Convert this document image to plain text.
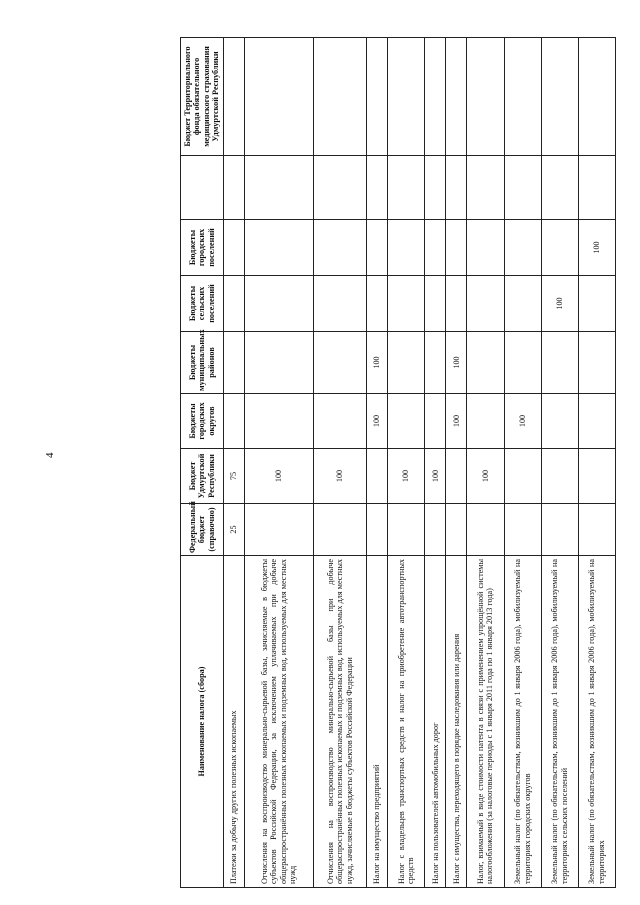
4
Наименование налога (сбора)	Федеральный бюджет (справочно)	Бюджет Удмуртской Республики	Бюджеты городских округов	Бюджеты муниципальных районов	Бюджеты сельских поселений	Бюджеты городских поселений		Бюджет Территориального фонда обязательного медицинского страхования Удмуртской Республики
Платежи за добычу других полезных ископаемых	25	75						
Отчисления на воспроизводство минерально-сырьевой базы, зачисляемые в бюджеты субъектов Российской Федерации, за исключением уплачиваемых при добыче общераспространённых полезных ископаемых и подземных вод, используемых для местных нужд		100						
Отчисления на воспроизводство минерально-сырьевой базы при добыче общераспространённых полезных ископаемых и подземных вод, используемых для местных нужд, зачисляемые в бюджеты субъектов Российской Федерации		100						
Налог на имущество предприятий			100	100				
Налог с владельцев транспортных средств и налог на приобретение автотранспортных средств		100						
Налог на пользователей автомобильных дорог		100						
Налог с имущества, переходящего в порядке наследования или дарения			100	100				
Налог, взимаемый в виде стоимости патента в связи с применением упрощённой системы налогообложения (за налоговые периоды с 1 января 2011 года по 1 января 2013 года)		100						
Земельный налог (по обязательствам, возникшим до 1 января 2006 года), мобилизуемый на территориях городских округов			100					
Земельный налог (по обязательствам, возникшим до 1 января 2006 года), мобилизуемый на территориях сельских поселений					100			
Земельный налог (по обязательствам, возникшим до 1 января 2006 года), мобилизуемый на территориях						100		
